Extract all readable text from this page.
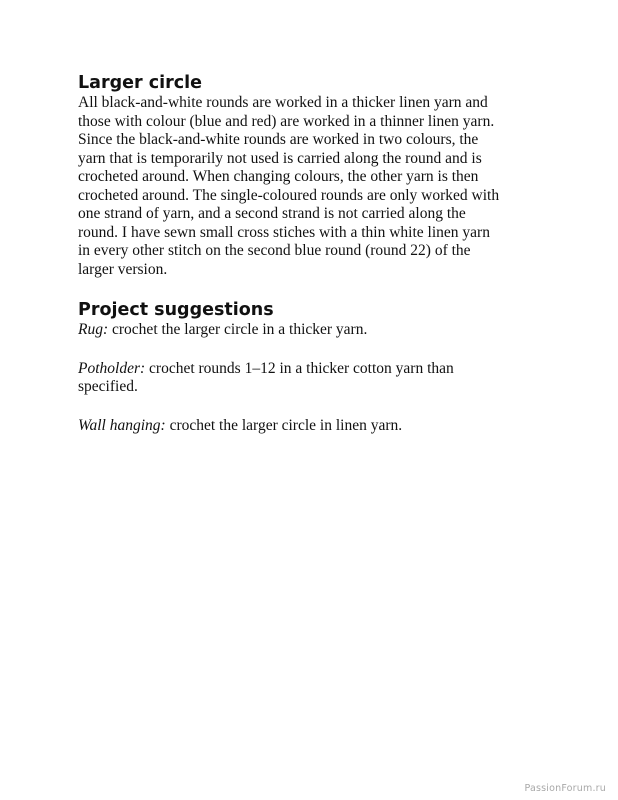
Larger circle

All black-and-white rounds are worked in a thicker linen yarn and
those with colour (blue and red) are worked in a thinner linen yarn.
Since the black-and-white rounds are worked in two colours, the
yarn that is temporarily not used is carried along the round and is
crocheted around. When changing colours, the other yarn is then
crocheted around. The single-coloured rounds are only worked with
one strand of yarn, and a second strand is not carried along the
round. I have sewn small cross stiches with a thin white linen yarn
in every other stitch on the second blue round (round 22) of the
larger version.

Project suggestions

Rug: crochet the larger circle in a thicker yarn.

Potholder: crochet rounds 1–12 in a thicker cotton yarn than
specified.

Wall hanging: crochet the larger circle in linen yarn.

PassionForum.ru
